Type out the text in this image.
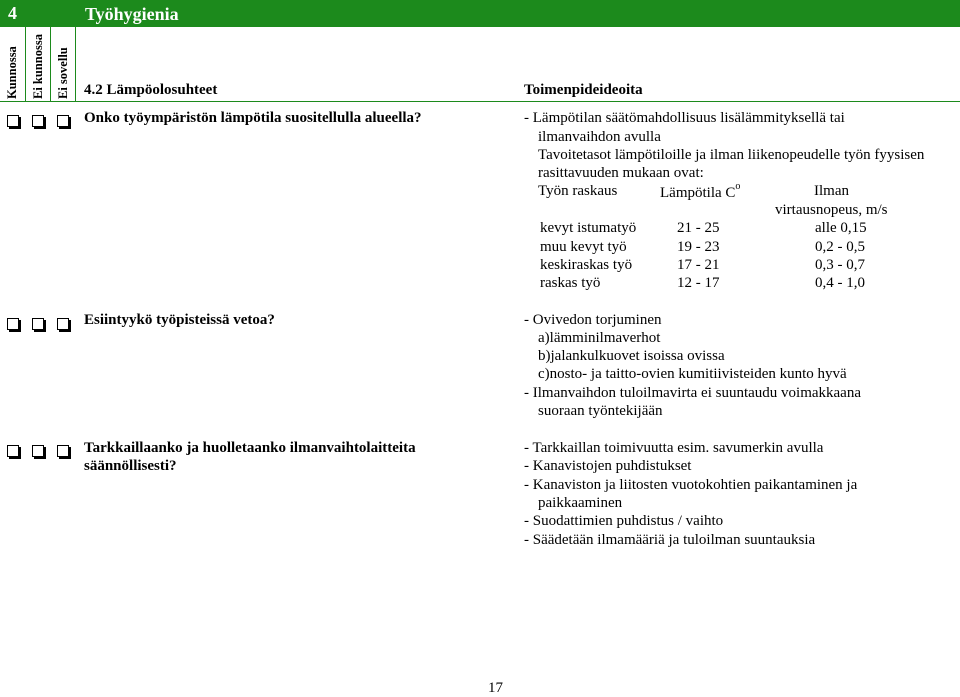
4	Työhygienia
Kunnossa Ei kunnossa Ei sovellu 4.2 Lämpöolosuhteet	Toimenpideideoita
Onko työympäristön lämpötila suositellulla alueella?	- Lämpötilan säätömahdollisuus lisälämmityksellä tai
ilmanvaihdon avulla
Tavoitetasot lämpötiloille ja ilman liikenopeudelle työn fyysisen
rasittavuuden mukaan ovat:
Työn raskaus	Lämpötila $C^o$	Ilman
virtausnopeus, m/s
kevyt istumatyö	21 - 25	alle 0,15
muu kevyt työ	19 - 23	0,2 - 0,5
keskiraskas työ	17 - 21	0,3 - 0,7
raskas työ	12 - 17	0,4 - 1,0
Esiintyykö työpisteissä vetoa?	- Ovivedon torjuminen
a)lämminilmaverhot
b)jalankulkuovet isoissa ovissa
c)nosto- ja taitto-ovien kumitiivisteiden kunto hyvä
- Ilmanvaihdon tuloilmavirta ei suuntaudu voimakkaana
suoraan työntekijään
Tarkkaillaanko ja huolletaanko ilmanvaihtolaitteita
säännöllisesti?
- Tarkkaillan toimivuutta esim. savumerkin avulla
- Kanavistojen puhdistukset
- Kanaviston ja liitosten vuotokohtien paikantaminen ja
paikkaaminen
- Suodattimien puhdistus / vaihto
- Säädetään ilmamääriä ja tuloilman suuntauksia
17
